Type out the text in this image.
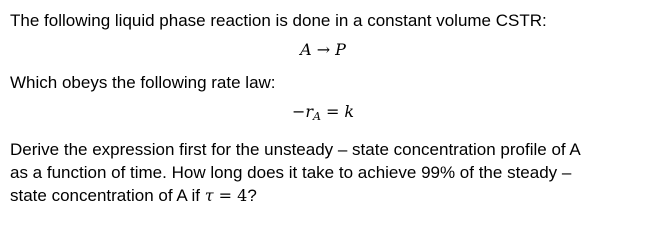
The following liquid phase reaction is done in a constant volume CSTR:

A → P

Which obeys the following rate law:

$-r_A = k$
Derive the expression first for the unsteady – state concentration profile of A
as a function of time. How long does it take to achieve 99% of the steady –
state concentration of A if τ = 4?
